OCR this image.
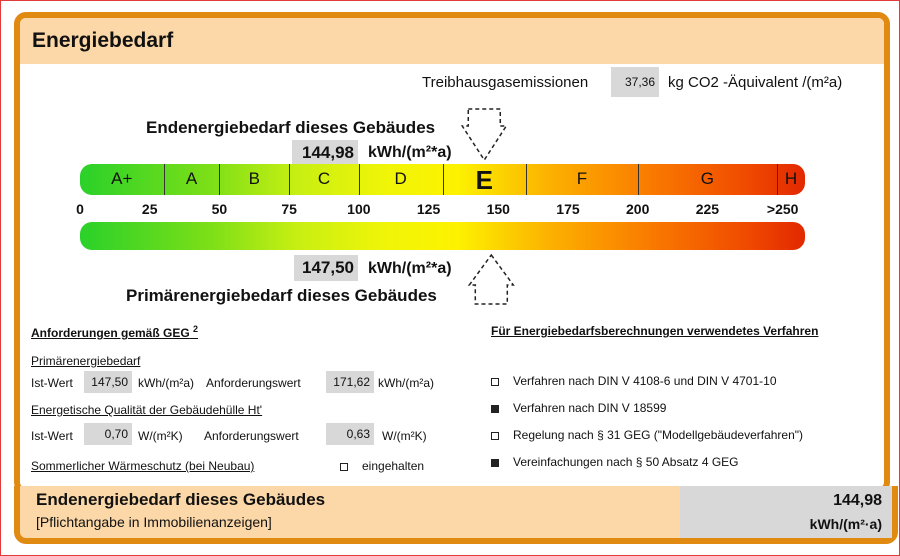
Energiebedarf
Treibhausgasemissionen	37,36 kg CO2 -Äquivalent /(m²a)
Endenergiebedarf dieses Gebäudes
144,98 kWh/(m²*a)
A+	A	B	C	D	E	F	G	H
0	25	50	75	100	125	150	175	200	225	>250
147,50 kWh/(m²*a)
Primärenergiebedarf dieses Gebäudes
Anforderungen gemäß GEG $^2$
Primärenergiebedarf
Ist-Wert	147,50 kWh/(m²a) Anforderungswert	171,62 kWh/(m²a)
Energetische Qualität der Gebäudehülle Ht'
Ist-Wert	0,70 W/(m²K) Anforderungswert	0,63	W/(m²K)
Sommerlicher Wärmeschutz (bei Neubau)	eingehalten
Für Energiebedarfsberechnungen verwendetes Verfahren
Verfahren nach DIN V 4108-6 und DIN V 4701-10
Verfahren nach DIN V 18599
Regelung nach § 31 GEG ("Modellgebäudeverfahren")
Vereinfachungen nach § 50 Absatz 4 GEG
Endenergiebedarf dieses Gebäudes
[Pflichtangabe in Immobilienanzeigen]
144,98
kWh/(m²·a)
